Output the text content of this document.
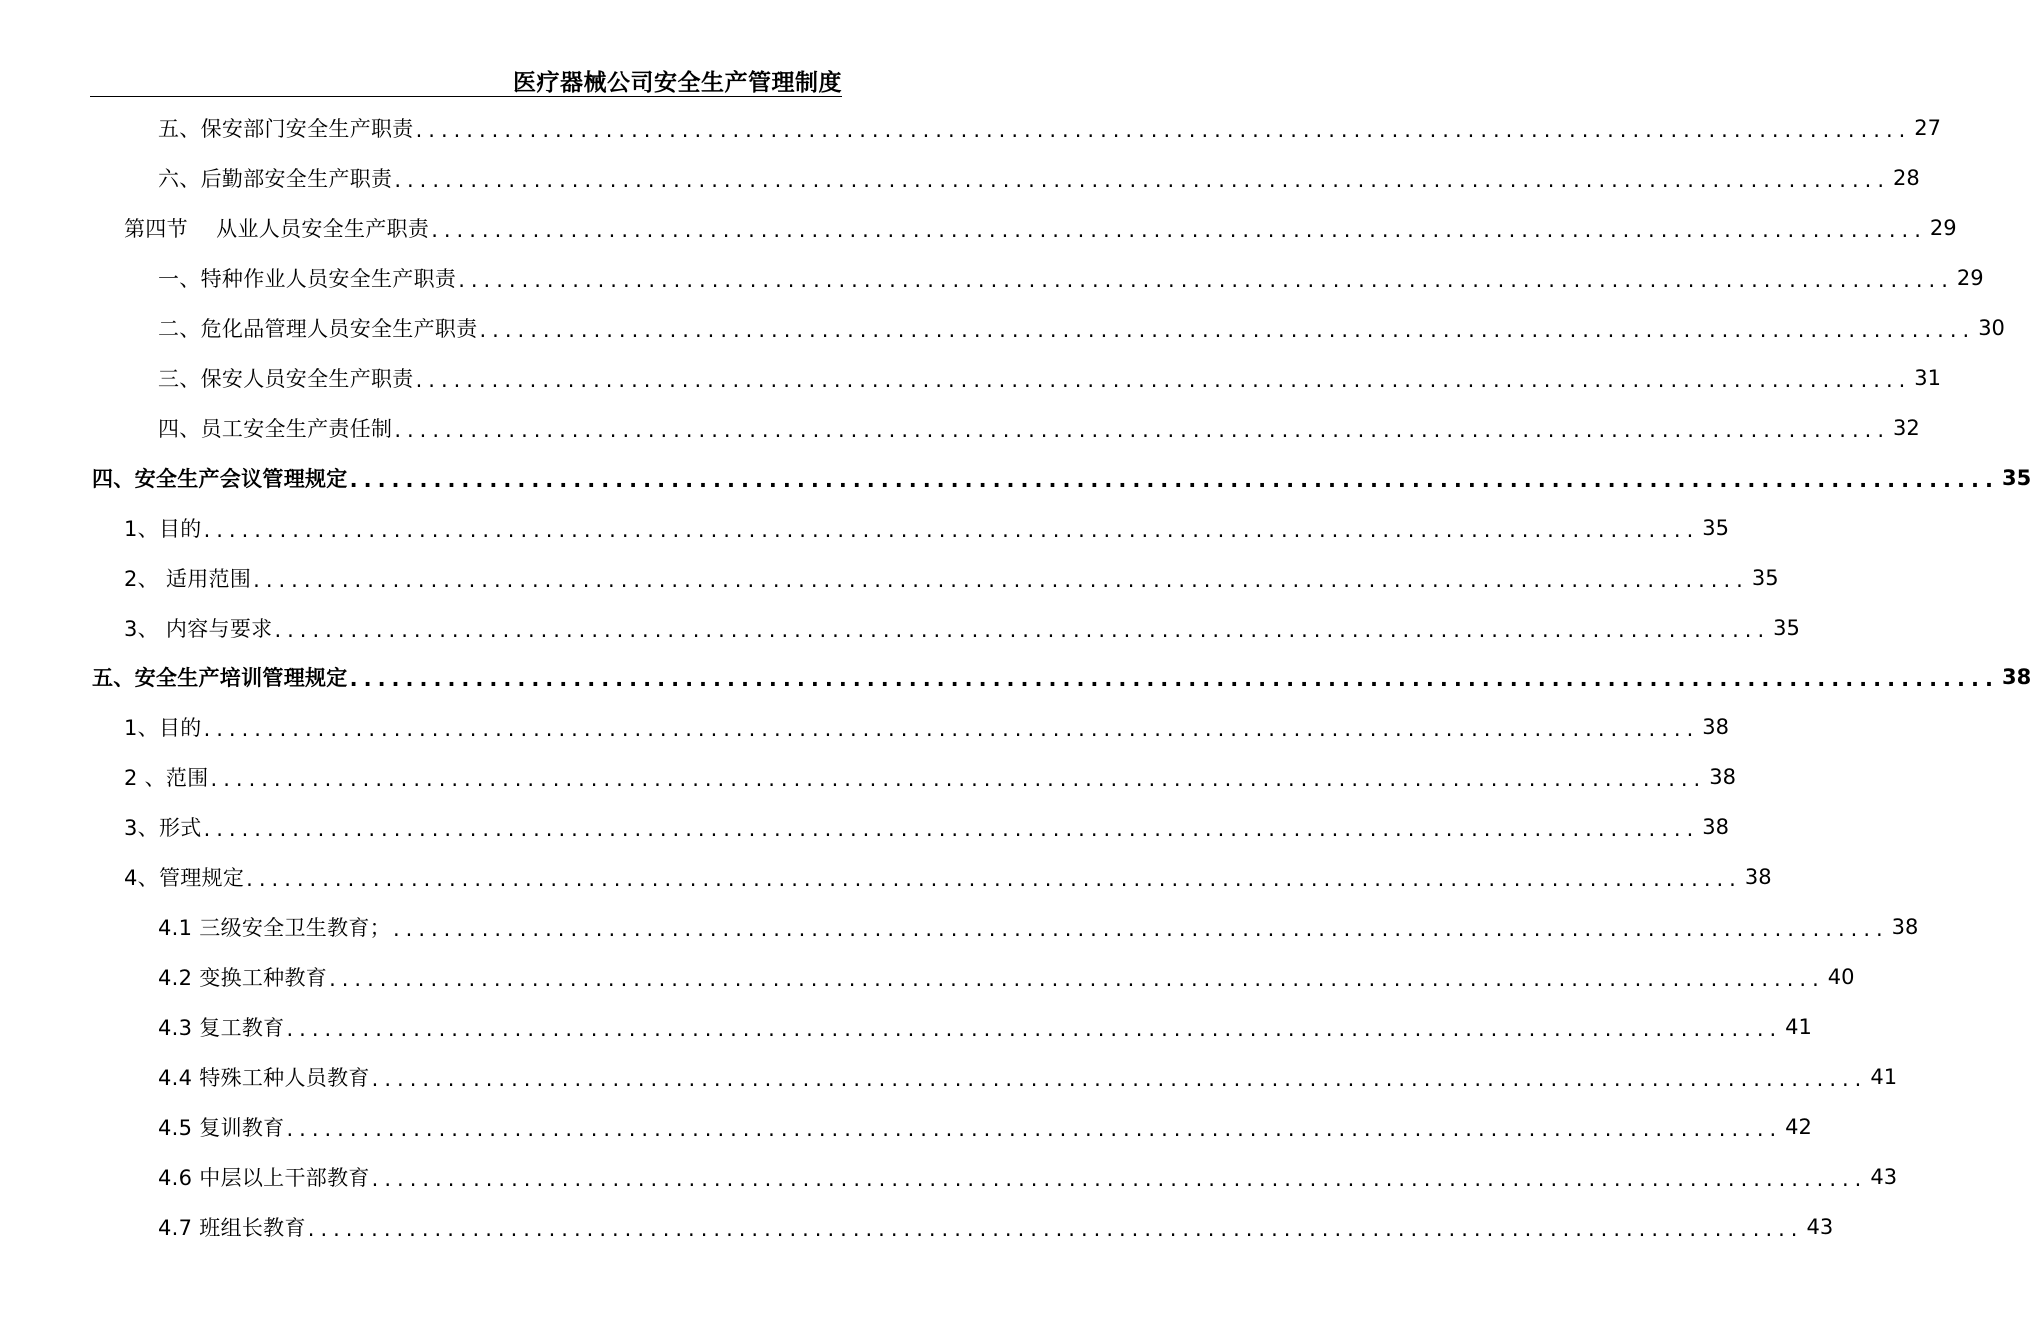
医疗器械公司安全生产管理制度
五、保安部门安全生产职责 ...................................................................................................................... 27
六、后勤部安全生产职责 ...................................................................................................................... 28
第四节　 从业人员安全生产职责 ...................................................................................................................... 29
一、特种作业人员安全生产职责 ...................................................................................................................... 29
二、危化品管理人员安全生产职责 ...................................................................................................................... 30
三、保安人员安全生产职责 ...................................................................................................................... 31
四、员工安全生产责任制 ...................................................................................................................... 32
四、安全生产会议管理规定 ...................................................................................................................... 35
1、目的 ...................................................................................................................... 35
2、 适用范围 ...................................................................................................................... 35
3、 内容与要求 ...................................................................................................................... 35
五、安全生产培训管理规定 ...................................................................................................................... 38
1、目的 ...................................................................................................................... 38
2 、范围 ...................................................................................................................... 38
3、形式 ...................................................................................................................... 38
4、管理规定 ...................................................................................................................... 38
4.1 三级安全卫生教育； ...................................................................................................................... 38
4.2 变换工种教育 ...................................................................................................................... 40
4.3 复工教育 ...................................................................................................................... 41
4.4 特殊工种人员教育 ...................................................................................................................... 41
4.5 复训教育 ...................................................................................................................... 42
4.6 中层以上干部教育 ...................................................................................................................... 43
4.7 班组长教育 ...................................................................................................................... 43
